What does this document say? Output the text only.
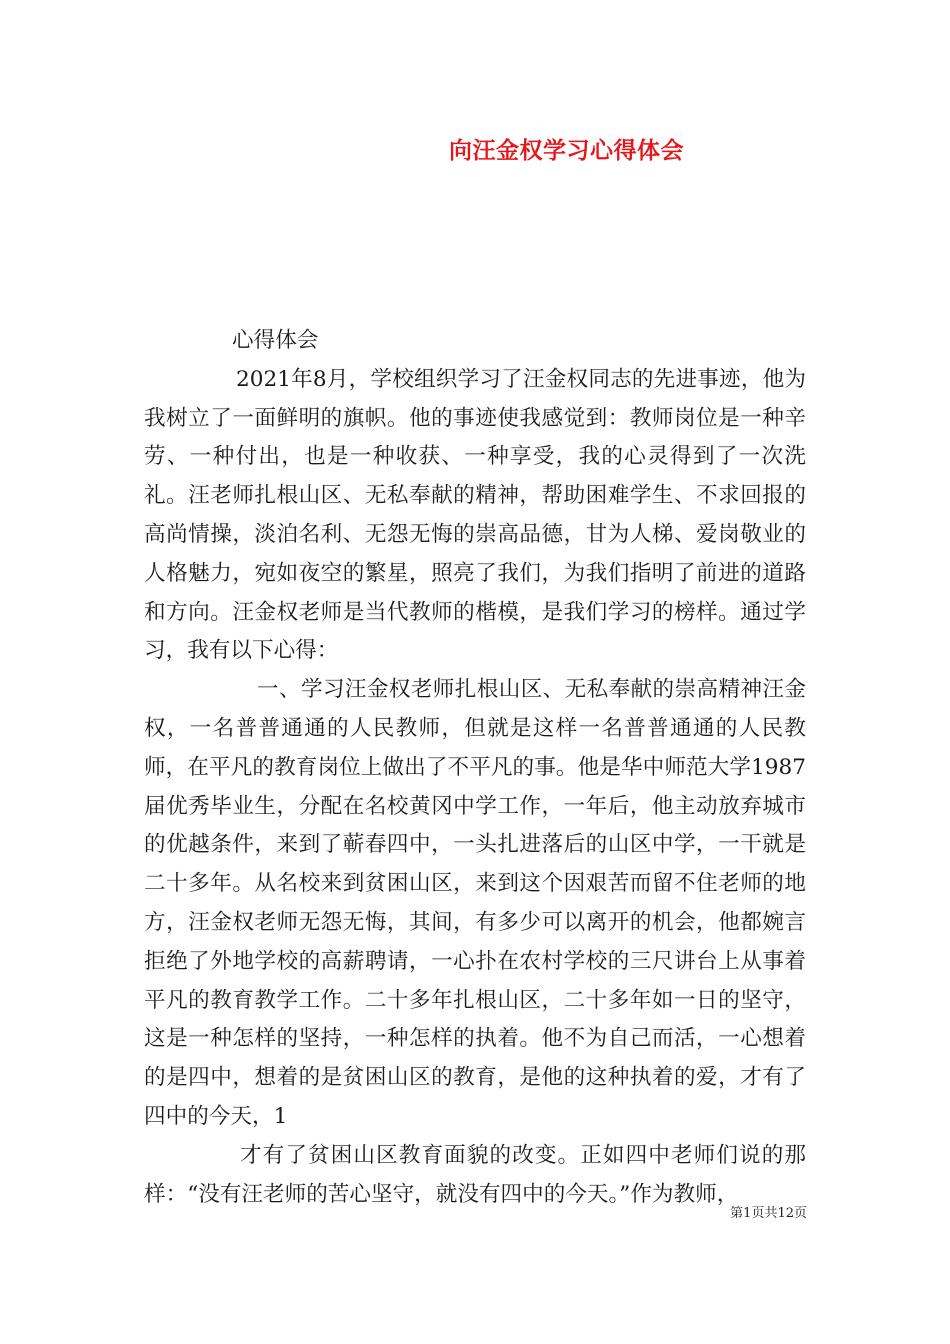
向汪金权学习心得体会

心得体会

2021年8月，学校组织学习了汪金权同志的先进事迹，他为我树立了一面鲜明的旗帜。他的事迹使我感觉到：教师岗位是一种辛劳、一种付出，也是一种收获、一种享受，我的心灵得到了一次洗礼。汪老师扎根山区、无私奉献的精神，帮助困难学生、不求回报的高尚情操，淡泊名利、无怨无悔的崇高品德，甘为人梯、爱岗敬业的人格魅力，宛如夜空的繁星，照亮了我们，为我们指明了前进的道路和方向。汪金权老师是当代教师的楷模，是我们学习的榜样。通过学习，我有以下心得：

一、学习汪金权老师扎根山区、无私奉献的崇高精神汪金权，一名普普通通的人民教师，但就是这样一名普普通通的人民教师，在平凡的教育岗位上做出了不平凡的事。他是华中师范大学1987届优秀毕业生，分配在名校黄冈中学工作，一年后，他主动放弃城市的优越条件，来到了蕲春四中，一头扎进落后的山区中学，一干就是二十多年。从名校来到贫困山区，来到这个因艰苦而留不住老师的地方，汪金权老师无怨无悔，其间，有多少可以离开的机会，他都婉言拒绝了外地学校的高薪聘请，一心扑在农村学校的三尺讲台上从事着平凡的教育教学工作。二十多年扎根山区，二十多年如一日的坚守，这是一种怎样的坚持，一种怎样的执着。他不为自己而活，一心想着的是四中，想着的是贫困山区的教育，是他的这种执着的爱，才有了四中的今天，1

才有了贫困山区教育面貌的改变。正如四中老师们说的那样：“没有汪老师的苦心坚守，就没有四中的今天。”作为教师，

第1页共12页
